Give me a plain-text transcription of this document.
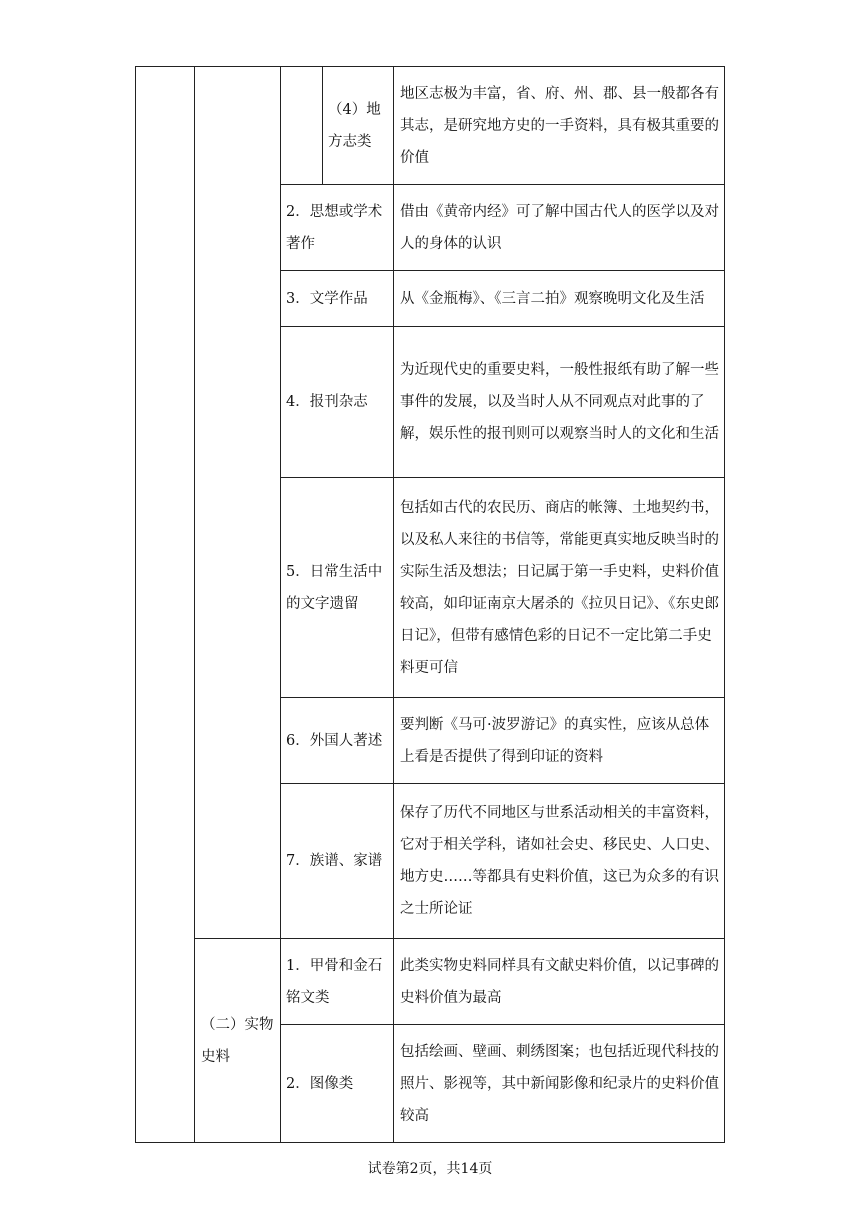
（4）地方志类
地区志极为丰富，省、府、州、郡、县一般都各有其志，是研究地方史的一手资料，具有极其重要的价值
2．思想或学术著作
借由《黄帝内经》可了解中国古代人的医学以及对人的身体的认识
3．文学作品 从《金瓶梅》、《三言二拍》观察晚明文化及生活
4．报刊杂志
为近现代史的重要史料，一般性报纸有助了解一些事件的发展，以及当时人从不同观点对此事的了解，娱乐性的报刊则可以观察当时人的文化和生活
5．日常生活中的文字遗留
包括如古代的农民历、商店的帐簿、土地契约书，以及私人来往的书信等，常能更真实地反映当时的实际生活及想法；日记属于第一手史料，史料价值较高，如印证南京大屠杀的《拉贝日记》、《东史郎日记》，但带有感情色彩的日记不一定比第二手史料更可信
6．外国人著述
要判断《马可·波罗游记》的真实性，应该从总体上看是否提供了得到印证的资料
7．族谱、家谱
保存了历代不同地区与世系活动相关的丰富资料，它对于相关学科，诸如社会史、移民史、人口史、地方史……等都具有史料价值，这已为众多的有识之士所论证
（二）实物史料
1．甲骨和金石铭文类
此类实物史料同样具有文献史料价值，以记事碑的史料价值为最高
2．图像类
包括绘画、壁画、刺绣图案；也包括近现代科技的照片、影视等，其中新闻影像和纪录片的史料价值较高
试卷第2页，共14页
